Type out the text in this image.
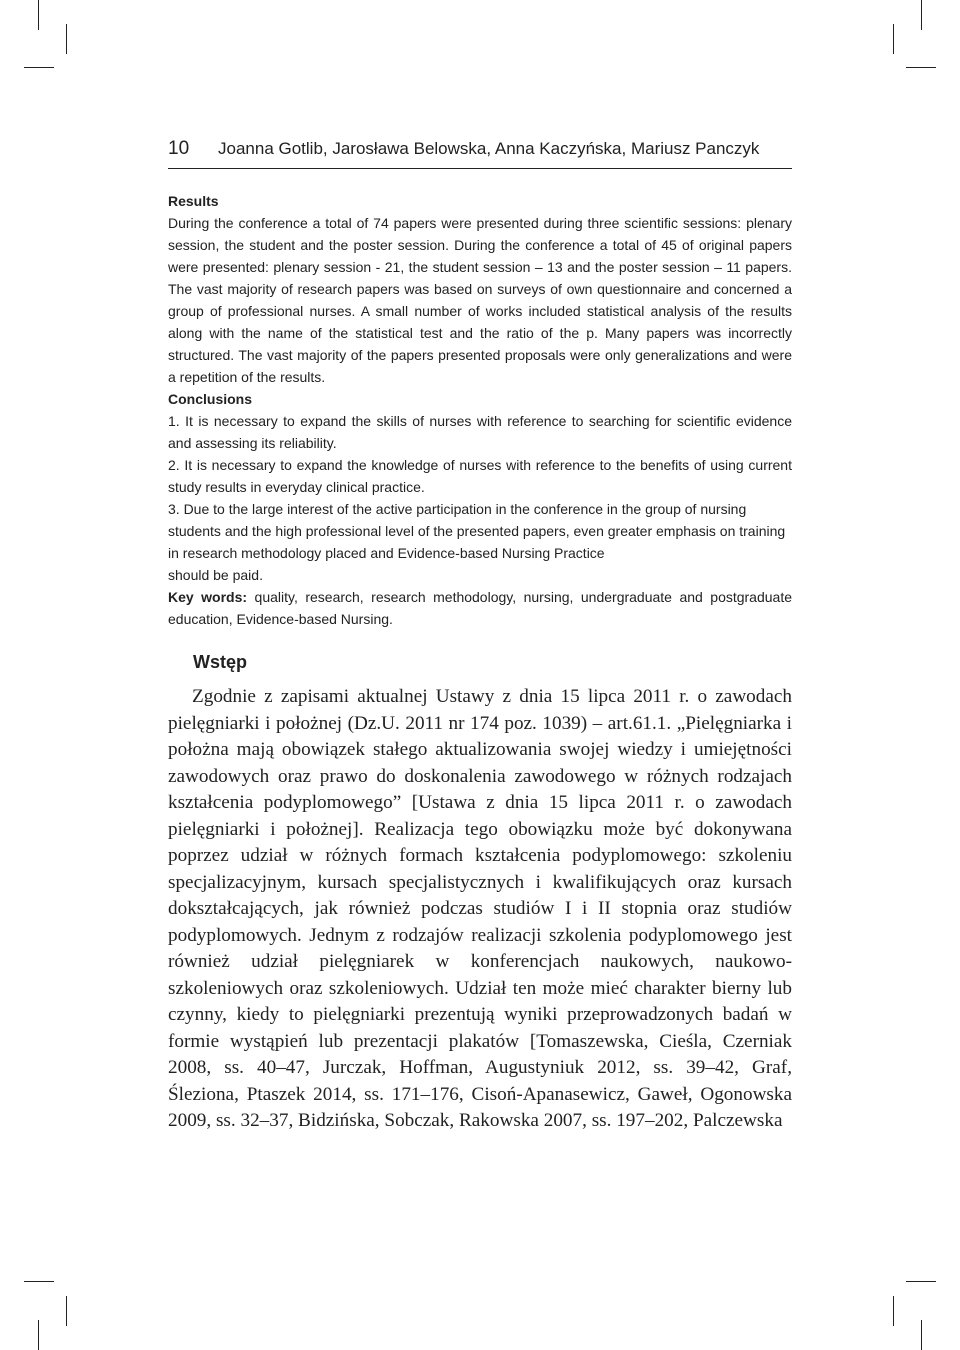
10 Joanna Gotlib, Jarosława Belowska, Anna Kaczyńska, Mariusz Panczyk

Results

During the conference a total of 74 papers were presented during three scientific sessions: plenary session, the student and the poster session. During the conference a total of 45 of original papers were presented: plenary session - 21, the student session – 13 and the poster session – 11 papers. The vast majority of research papers was based on surveys of own questionnaire and concerned a group of professional nurses. A small number of works included statistical analysis of the results along with the name of the statistical test and the ratio of the p. Many papers was incorrectly structured. The vast majority of the papers presented proposals were only generalizations and were a repetition of the results.

Conclusions

1. It is necessary to expand the skills of nurses with reference to searching for scientific evidence and assessing its reliability.

2. It is necessary to expand the knowledge of nurses with reference to the benefits of using current study results in everyday clinical practice.

3. Due to the large interest of the active participation in the conference in the group of nursing students and the high professional level of the presented papers, even greater emphasis on training in research methodology placed and Evidence-based Nursing Practice

should be paid.

Key words: quality, research, research methodology, nursing, undergraduate and postgraduate education, Evidence-based Nursing.

Wstęp

Zgodnie z zapisami aktualnej Ustawy z dnia 15 lipca 2011 r. o zawodach pielęgniarki i położnej (Dz.U. 2011 nr 174 poz. 1039) – art.61.1. „Pielęgniarka i położna mają obowiązek stałego aktualizowania swojej wiedzy i umiejętności zawodowych oraz prawo do doskonalenia zawodowego w różnych rodzajach kształcenia podyplomowego” [Ustawa z dnia 15 lipca 2011 r. o zawodach pielęgniarki i położnej]. Realizacja tego obowiązku może być dokonywana poprzez udział w różnych formach kształcenia podyplomowego: szkoleniu specjalizacyjnym, kursach specjalistycznych i kwalifikujących oraz kursach dokształcających, jak również podczas studiów I i II stopnia oraz studiów podyplomowych. Jednym z rodzajów realizacji szkolenia podyplomowego jest również udział pielęgniarek w konferencjach naukowych, naukowo-szkoleniowych oraz szkoleniowych. Udział ten może mieć charakter bierny lub czynny, kiedy to pielęgniarki prezentują wyniki przeprowadzonych badań w formie wystąpień lub prezentacji plakatów [Tomaszewska, Cieśla, Czerniak 2008, ss. 40–47, Jurczak, Hoffman, Augustyniuk 2012, ss. 39–42, Graf, Śleziona, Ptaszek 2014, ss. 171–176, Cisoń-Apanasewicz, Gaweł, Ogonowska 2009, ss. 32–37, Bidzińska, Sobczak, Rakowska 2007, ss. 197–202, Palczewska
